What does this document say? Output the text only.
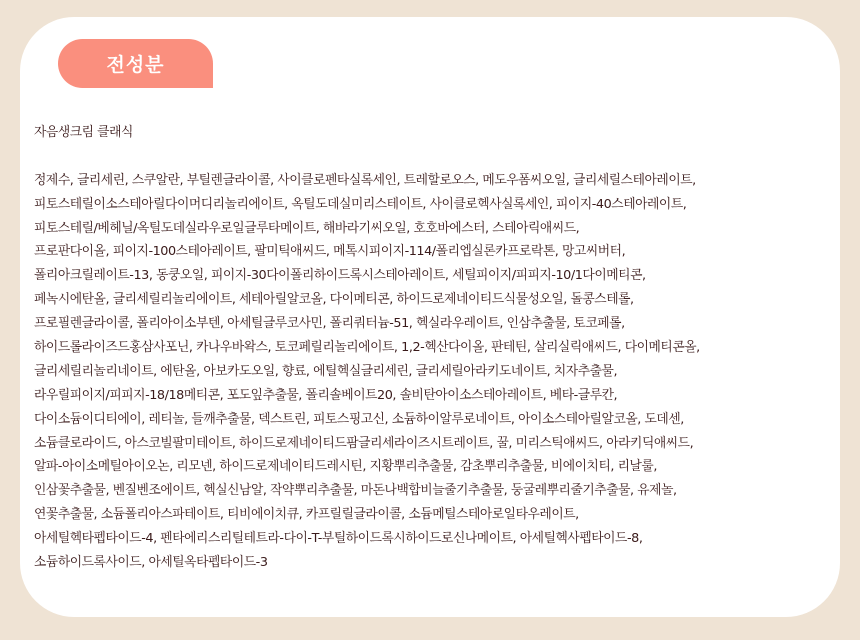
전성분
자음생크림 클래식
정제수, 글리세린, 스쿠알란, 부틸렌글라이콜, 사이클로펜타실록세인, 트레할로오스, 메도우폼씨오일, 글리세릴스테아레이트,
피토스테릴이소스테아릴다이머디리놀리에이트, 옥틸도데실미리스테이트, 사이클로헥사실록세인, 피이지-40스테아레이트,
피토스테릴/베헤닐/옥틸도데실라우로일글루타메이트, 해바라기씨오일, 호호바에스터, 스테아릭애씨드,
프로판다이올, 피이지-100스테아레이트, 팔미틱애씨드, 메톡시피이지-114/폴리엡실론카프로락톤, 망고씨버터,
폴리아크릴레이트-13, 동쿵오일, 피이지-30다이폴리하이드록시스테아레이트, 세틸피이지/피피지-10/1다이메티콘,
페녹시에탄올, 글리세릴리놀리에이트, 세테아릴알코올, 다이메티콘, 하이드로제네이티드식물성오일, 돌콩스테롤,
프로필렌글라이콜, 폴리아이소부텐, 아세틸글루코사민, 폴리쿼터늄-51, 헥실라우레이트, 인삼추출물, 토코페롤,
하이드롤라이즈드홍삼사포닌, 카나우바왁스, 토코페릴리놀리에이트, 1,2-헥산다이올, 판테틴, 살리실릭애씨드, 다이메티콘올,
글리세릴리놀리네이트, 에탄올, 아보카도오일, 향료, 에틸헥실글리세린, 글리세릴아라키도네이트, 치자추출물,
라우릴피이지/피피지-18/18메티콘, 포도잎추출물, 폴리솔베이트20, 솔비탄아이소스테아레이트, 베타-글루칸,
다이소듐이디티에이, 레티놀, 들깨추출물, 덱스트린, 피토스핑고신, 소듐하이알루로네이트, 아이소스테아릴알코올, 도데센,
소듐클로라이드, 아스코빌팔미테이트, 하이드로제네이티드팜글리세라이즈시트레이트, 꿀, 미리스틱애씨드, 아라키딕애씨드,
알파-아이소메틸아이오논, 리모넨, 하이드로제네이티드레시틴, 지황뿌리추출물, 감초뿌리추출물, 비에이치티, 리날룰,
인삼꽃추출물, 벤질벤조에이트, 헥실신남알, 작약뿌리추출물, 마돈나백합비늘줄기추출물, 둥굴레뿌리줄기추출물, 유제놀,
연꽃추출물, 소듐폴리아스파테이트, 티비에이치큐, 카프릴릴글라이콜, 소듐메틸스테아로일타우레이트,
아세틸헥타펩타이드-4, 펜타에리스리틸테트라-다이-T-부틸하이드록시하이드로신나메이트, 아세틸헥사펩타이드-8,
소듐하이드록사이드, 아세틸옥타펩타이드-3
